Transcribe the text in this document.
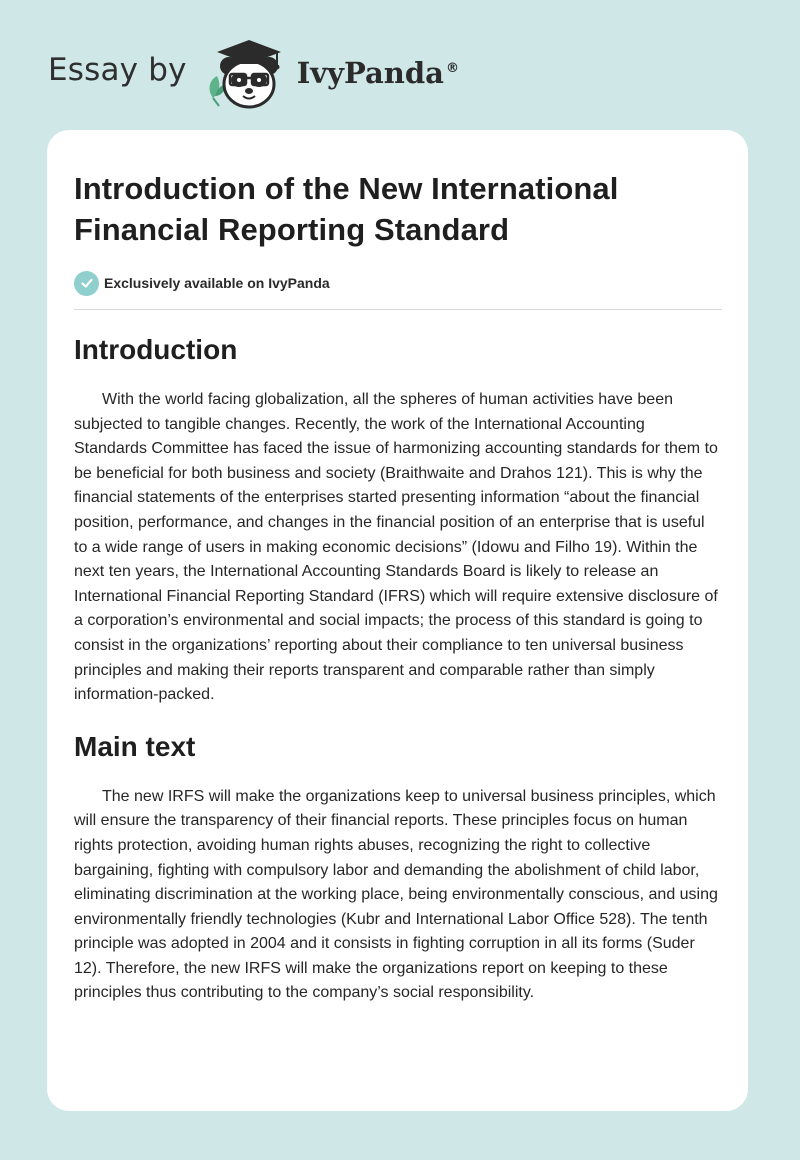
Essay by	IvyPanda ®
Introduction of the New International Financial Reporting Standard
Exclusively available on IvyPanda
Introduction

With the world facing globalization, all the spheres of human activities have been subjected to tangible changes. Recently, the work of the International Accounting Standards Committee has faced the issue of harmonizing accounting standards for them to be beneficial for both business and society (Braithwaite and Drahos 121). This is why the financial statements of the enterprises started presenting information “about the financial position, performance, and changes in the financial position of an enterprise that is useful to a wide range of users in making economic decisions” (Idowu and Filho 19). Within the next ten years, the International Accounting Standards Board is likely to release an International Financial Reporting Standard (IFRS) which will require extensive disclosure of a corporation’s environmental and social impacts; the process of this standard is going to consist in the organizations’ reporting about their compliance to ten universal business principles and making their reports transparent and comparable rather than simply information-packed.

Main text

The new IRFS will make the organizations keep to universal business principles, which will ensure the transparency of their financial reports. These principles focus on human rights protection, avoiding human rights abuses, recognizing the right to collective bargaining, fighting with compulsory labor and demanding the abolishment of child labor, eliminating discrimination at the working place, being environmentally conscious, and using environmentally friendly technologies (Kubr and International Labor Office 528). The tenth principle was adopted in 2004 and it consists in fighting corruption in all its forms (Suder 12). Therefore, the new IRFS will make the organizations report on keeping to these principles thus contributing to the company’s social responsibility.
